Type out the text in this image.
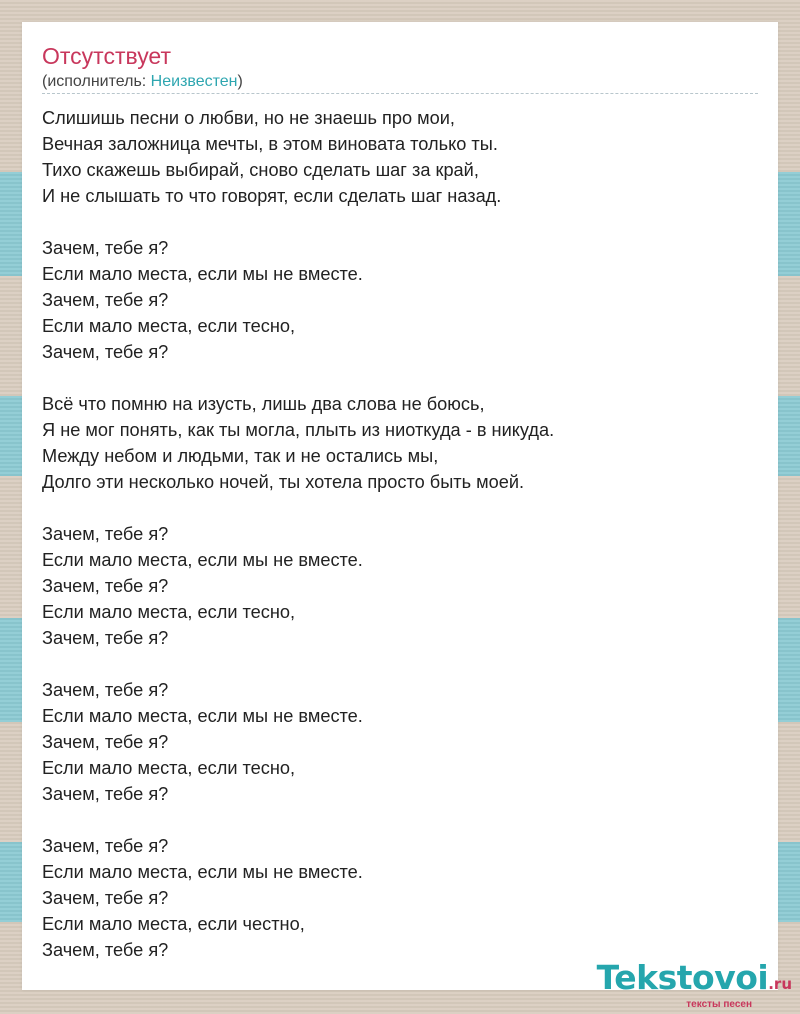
Отсутствует
(исполнитель: Неизвестен)

Слишишь песни о любви, но не знаешь про мои,
Вечная заложница мечты, в этом виновата только ты.
Тихо скажешь выбирай, сново сделать шаг за край,
И не слышать то что говорят, если сделать шаг назад.

Зачем, тебе я?
Если мало места, если мы не вместе.
Зачем, тебе я?
Если мало места, если тесно,
Зачем, тебе я?

Всё что помню на изусть, лишь два слова не боюсь,
Я не мог понять, как ты могла, плыть из ниоткуда - в никуда.
Между небом и людьми, так и не остались мы,
Долго эти несколько ночей, ты хотела просто быть моей.

Зачем, тебе я?
Если мало места, если мы не вместе.
Зачем, тебе я?
Если мало места, если тесно,
Зачем, тебе я?

Зачем, тебе я?
Если мало места, если мы не вместе.
Зачем, тебе я?
Если мало места, если тесно,
Зачем, тебе я?

Зачем, тебе я?
Если мало места, если мы не вместе.
Зачем, тебе я?
Если мало места, если честно,
Зачем, тебе я?

Tekstovoi.ru
тексты песен
